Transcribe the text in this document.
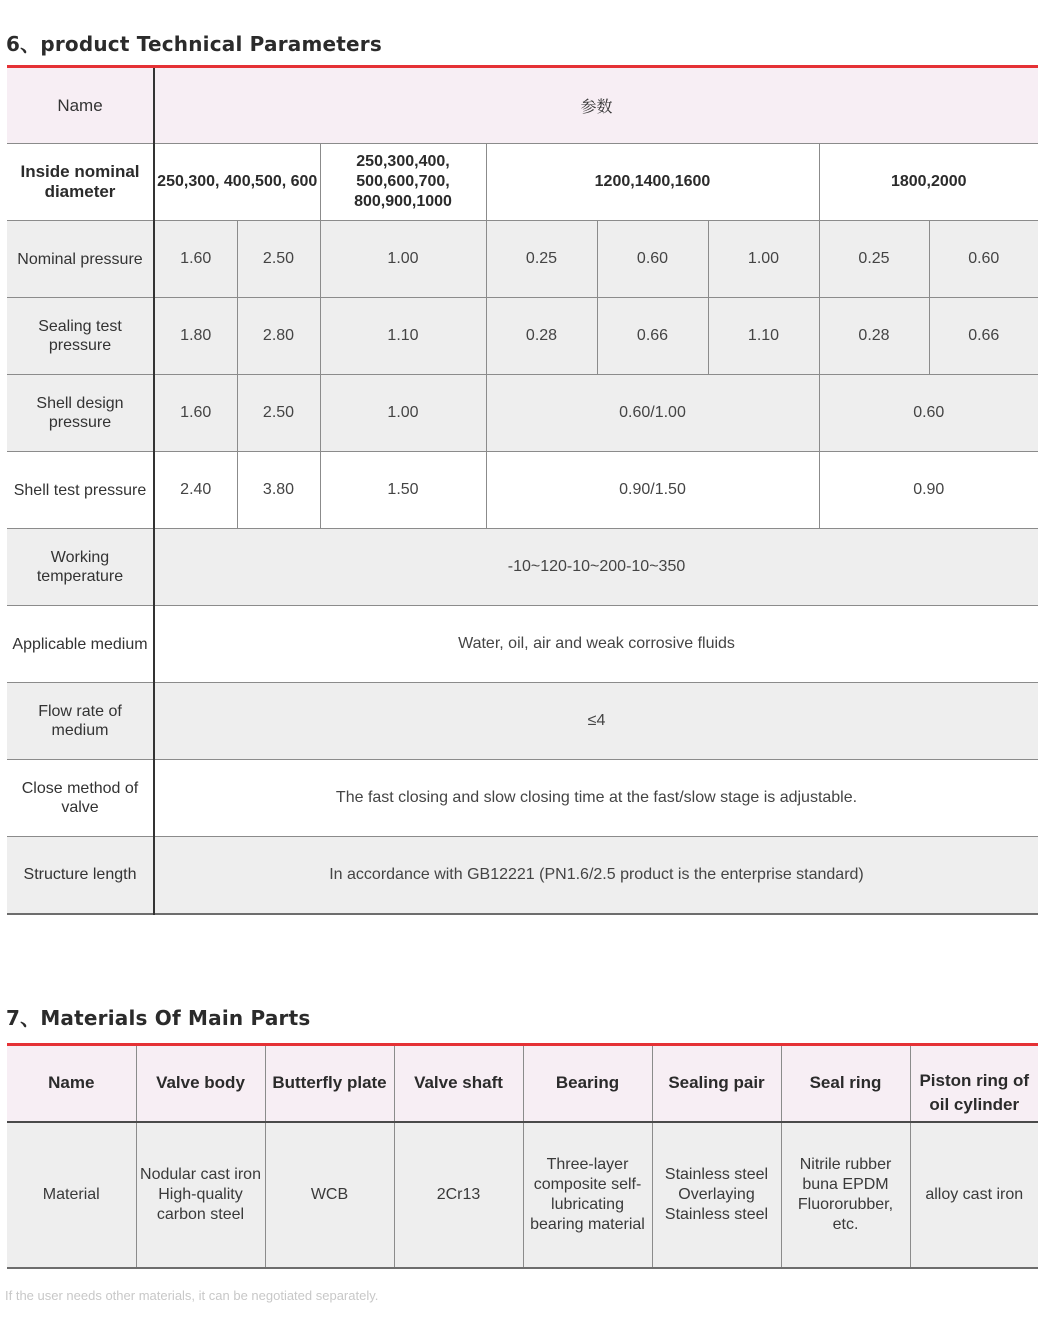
6、product Technical Parameters
Name	参数							
Inside nominal diameter	250,300, 400,500, 600		250,300,400, 500,600,700, 800,900,1000	1200,1400,1600			1800,2000	
Nominal pressure	1.60	2.50	1.00	0.25	0.60	1.00	0.25	0.60
Sealing test pressure	1.80	2.80	1.10	0.28	0.66	1.10	0.28	0.66
Shell design pressure	1.60	2.50	1.00	0.60/1.00			0.60	
Shell test pressure	2.40	3.80	1.50	0.90/1.50			0.90	
Working temperature	-10~120-10~200-10~350							
Applicable medium	Water, oil, air and weak corrosive fluids							
Flow rate of medium	≤4							
Close method of valve	The fast closing and slow closing time at the fast/slow stage is adjustable.							
Structure length	In accordance with GB12221 (PN1.6/2.5 product is the enterprise standard)							
7、Materials Of Main Parts
Name	Valve body	Butterfly plate	Valve shaft	Bearing	Sealing pair	Seal ring	Piston ring of oil cylinder
Material	Nodular cast iron High-quality carbon steel	WCB	2Cr13	Three-layer composite self-lubricating bearing material	Stainless steel Overlaying Stainless steel	Nitrile rubber buna EPDM Fluororubber, etc.	alloy cast iron
If the user needs other materials, it can be negotiated separately.
